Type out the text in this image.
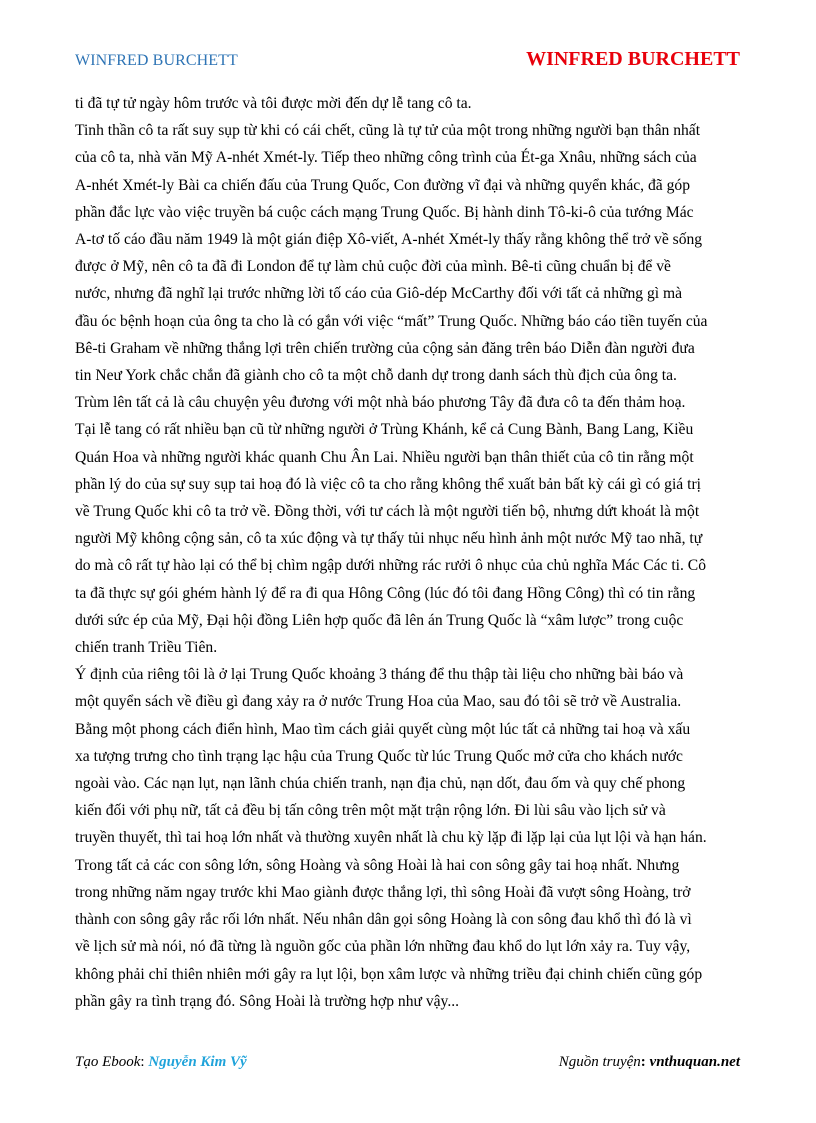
WINFRED BURCHETT	WINFRED BURCHETT

ti đã tự tử ngày hôm trước và tôi được mời đến dự lễ tang cô ta.

Tinh thần cô ta rất suy sụp từ khi có cái chết, cũng là tự tử của một trong những người bạn thân nhất

của cô ta, nhà văn Mỹ A-nhét Xmét-ly. Tiếp theo những công trình của Ét-ga Xnâu, những sách của

A-nhét Xmét-ly Bài ca chiến đấu của Trung Quốc, Con đường vĩ đại và những quyển khác, đã góp

phần đắc lực vào việc truyền bá cuộc cách mạng Trung Quốc. Bị hành dinh Tô-ki-ô của tướng Mác

A-tơ tố cáo đầu năm 1949 là một gián điệp Xô-viết, A-nhét Xmét-ly thấy rằng không thể trở về sống

được ở Mỹ, nên cô ta đã đi London để tự làm chủ cuộc đời của mình. Bê-ti cũng chuẩn bị để về

nước, nhưng đã nghĩ lại trước những lời tố cáo của Giô-dép McCarthy đối với tất cả những gì mà

đầu óc bệnh hoạn của ông ta cho là có gắn với việc “mất” Trung Quốc. Những báo cáo tiền tuyến của

Bê-ti Graham về những thắng lợi trên chiến trường của cộng sản đăng trên báo Diễn đàn người đưa

tin Neư York chắc chắn đã giành cho cô ta một chỗ danh dự trong danh sách thù địch của ông ta.

Trùm lên tất cả là câu chuyện yêu đương với một nhà báo phương Tây đã đưa cô ta đến thảm hoạ.

Tại lễ tang có rất nhiều bạn cũ từ những người ở Trùng Khánh, kể cả Cung Bành, Bang Lang, Kiều

Quán Hoa và những người khác quanh Chu Ân Lai. Nhiều người bạn thân thiết của cô tin rằng một

phần lý do của sự suy sụp tai hoạ đó là việc cô ta cho rằng không thể xuất bản bất kỳ cái gì có giá trị

về Trung Quốc khi cô ta trở về. Đồng thời, với tư cách là một người tiến bộ, nhưng dứt khoát là một

người Mỹ không cộng sản, cô ta xúc động và tự thấy tủi nhục nếu hình ảnh một nước Mỹ tao nhã, tự

do mà cô rất tự hào lại có thể bị chìm ngập dưới những rác rưởi ô nhục của chủ nghĩa Mác Các ti. Cô

ta đã thực sự gói ghém hành lý để ra đi qua Hông Công (lúc đó tôi đang Hồng Công) thì có tin rằng

dưới sức ép của Mỹ, Đại hội đồng Liên hợp quốc đã lên án Trung Quốc là “xâm lược” trong cuộc

chiến tranh Triều Tiên.

Ý định của riêng tôi là ở lại Trung Quốc khoảng 3 tháng để thu thập tài liệu cho những bài báo và

một quyển sách về điều gì đang xảy ra ở nước Trung Hoa của Mao, sau đó tôi sẽ trở về Australia.

Bằng một phong cách điển hình, Mao tìm cách giải quyết cùng một lúc tất cả những tai hoạ và xấu

xa tượng trưng cho tình trạng lạc hậu của Trung Quốc từ lúc Trung Quốc mở cửa cho khách nước

ngoài vào. Các nạn lụt, nạn lãnh chúa chiến tranh, nạn địa chủ, nạn dốt, đau ốm và quy chế phong

kiến đối với phụ nữ, tất cả đều bị tấn công trên một mặt trận rộng lớn. Đi lùi sâu vào lịch sử và

truyền thuyết, thì tai hoạ lớn nhất và thường xuyên nhất là chu kỳ lặp đi lặp lại của lụt lội và hạn hán.

Trong tất cả các con sông lớn, sông Hoàng và sông Hoài là hai con sông gây tai hoạ nhất. Nhưng

trong những năm ngay trước khi Mao giành được thắng lợi, thì sông Hoài đã vượt sông Hoàng, trở

thành con sông gây rắc rối lớn nhất. Nếu nhân dân gọi sông Hoàng là con sông đau khổ thì đó là vì

về lịch sử mà nói, nó đã từng là nguồn gốc của phần lớn những đau khổ do lụt lớn xảy ra. Tuy vậy,

không phải chỉ thiên nhiên mới gây ra lụt lội, bọn xâm lược và những triều đại chinh chiến cũng góp

phần gây ra tình trạng đó. Sông Hoài là trường hợp như vậy...

Tạo Ebook: Nguyễn Kim Vỹ	Nguồn truyện: vnthuquan.net
